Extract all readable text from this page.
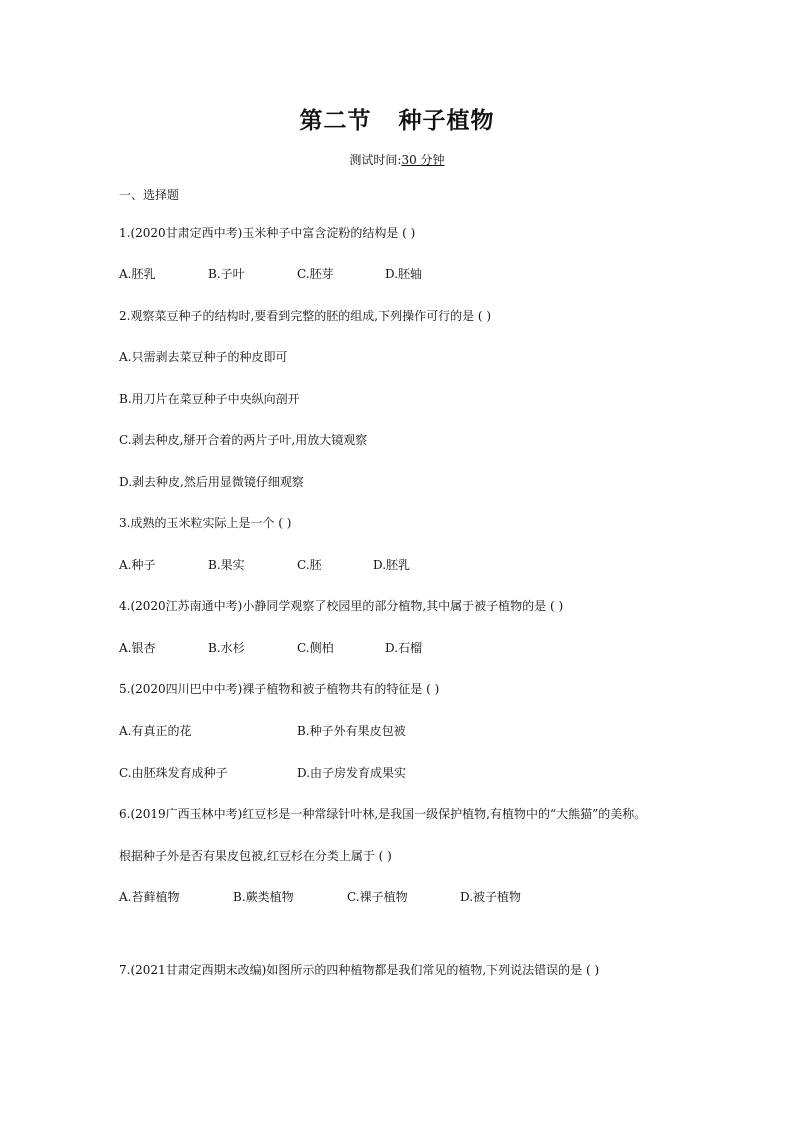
第二节   种子植物
测试时间:30 分钟
一、选择题
1.(2020甘肃定西中考)玉米种子中富含淀粉的结构是 ( )
A.胚乳	B.子叶	C.胚芽	D.胚轴
2.观察菜豆种子的结构时,要看到完整的胚的组成,下列操作可行的是 ( )
A.只需剥去菜豆种子的种皮即可
B.用刀片在菜豆种子中央纵向剖开
C.剥去种皮,掰开合着的两片子叶,用放大镜观察
D.剥去种皮,然后用显微镜仔细观察
3.成熟的玉米粒实际上是一个 ( )
A.种子	B.果实	C.胚	D.胚乳
4.(2020江苏南通中考)小静同学观察了校园里的部分植物,其中属于被子植物的是 ( )
A.银杏	B.水杉	C.侧柏	D.石榴
5.(2020四川巴中中考)裸子植物和被子植物共有的特征是 ( )
A.有真正的花	B.种子外有果皮包被
C.由胚珠发育成种子	D.由子房发育成果实
6.(2019广西玉林中考)红豆杉是一种常绿针叶林,是我国一级保护植物,有植物中的“大熊猫”的美称。
根据种子外是否有果皮包被,红豆杉在分类上属于 ( )
A.苔藓植物	B.蕨类植物	C.裸子植物	D.被子植物
7.(2021甘肃定西期末改编)如图所示的四种植物都是我们常见的植物,下列说法错误的是 ( )
